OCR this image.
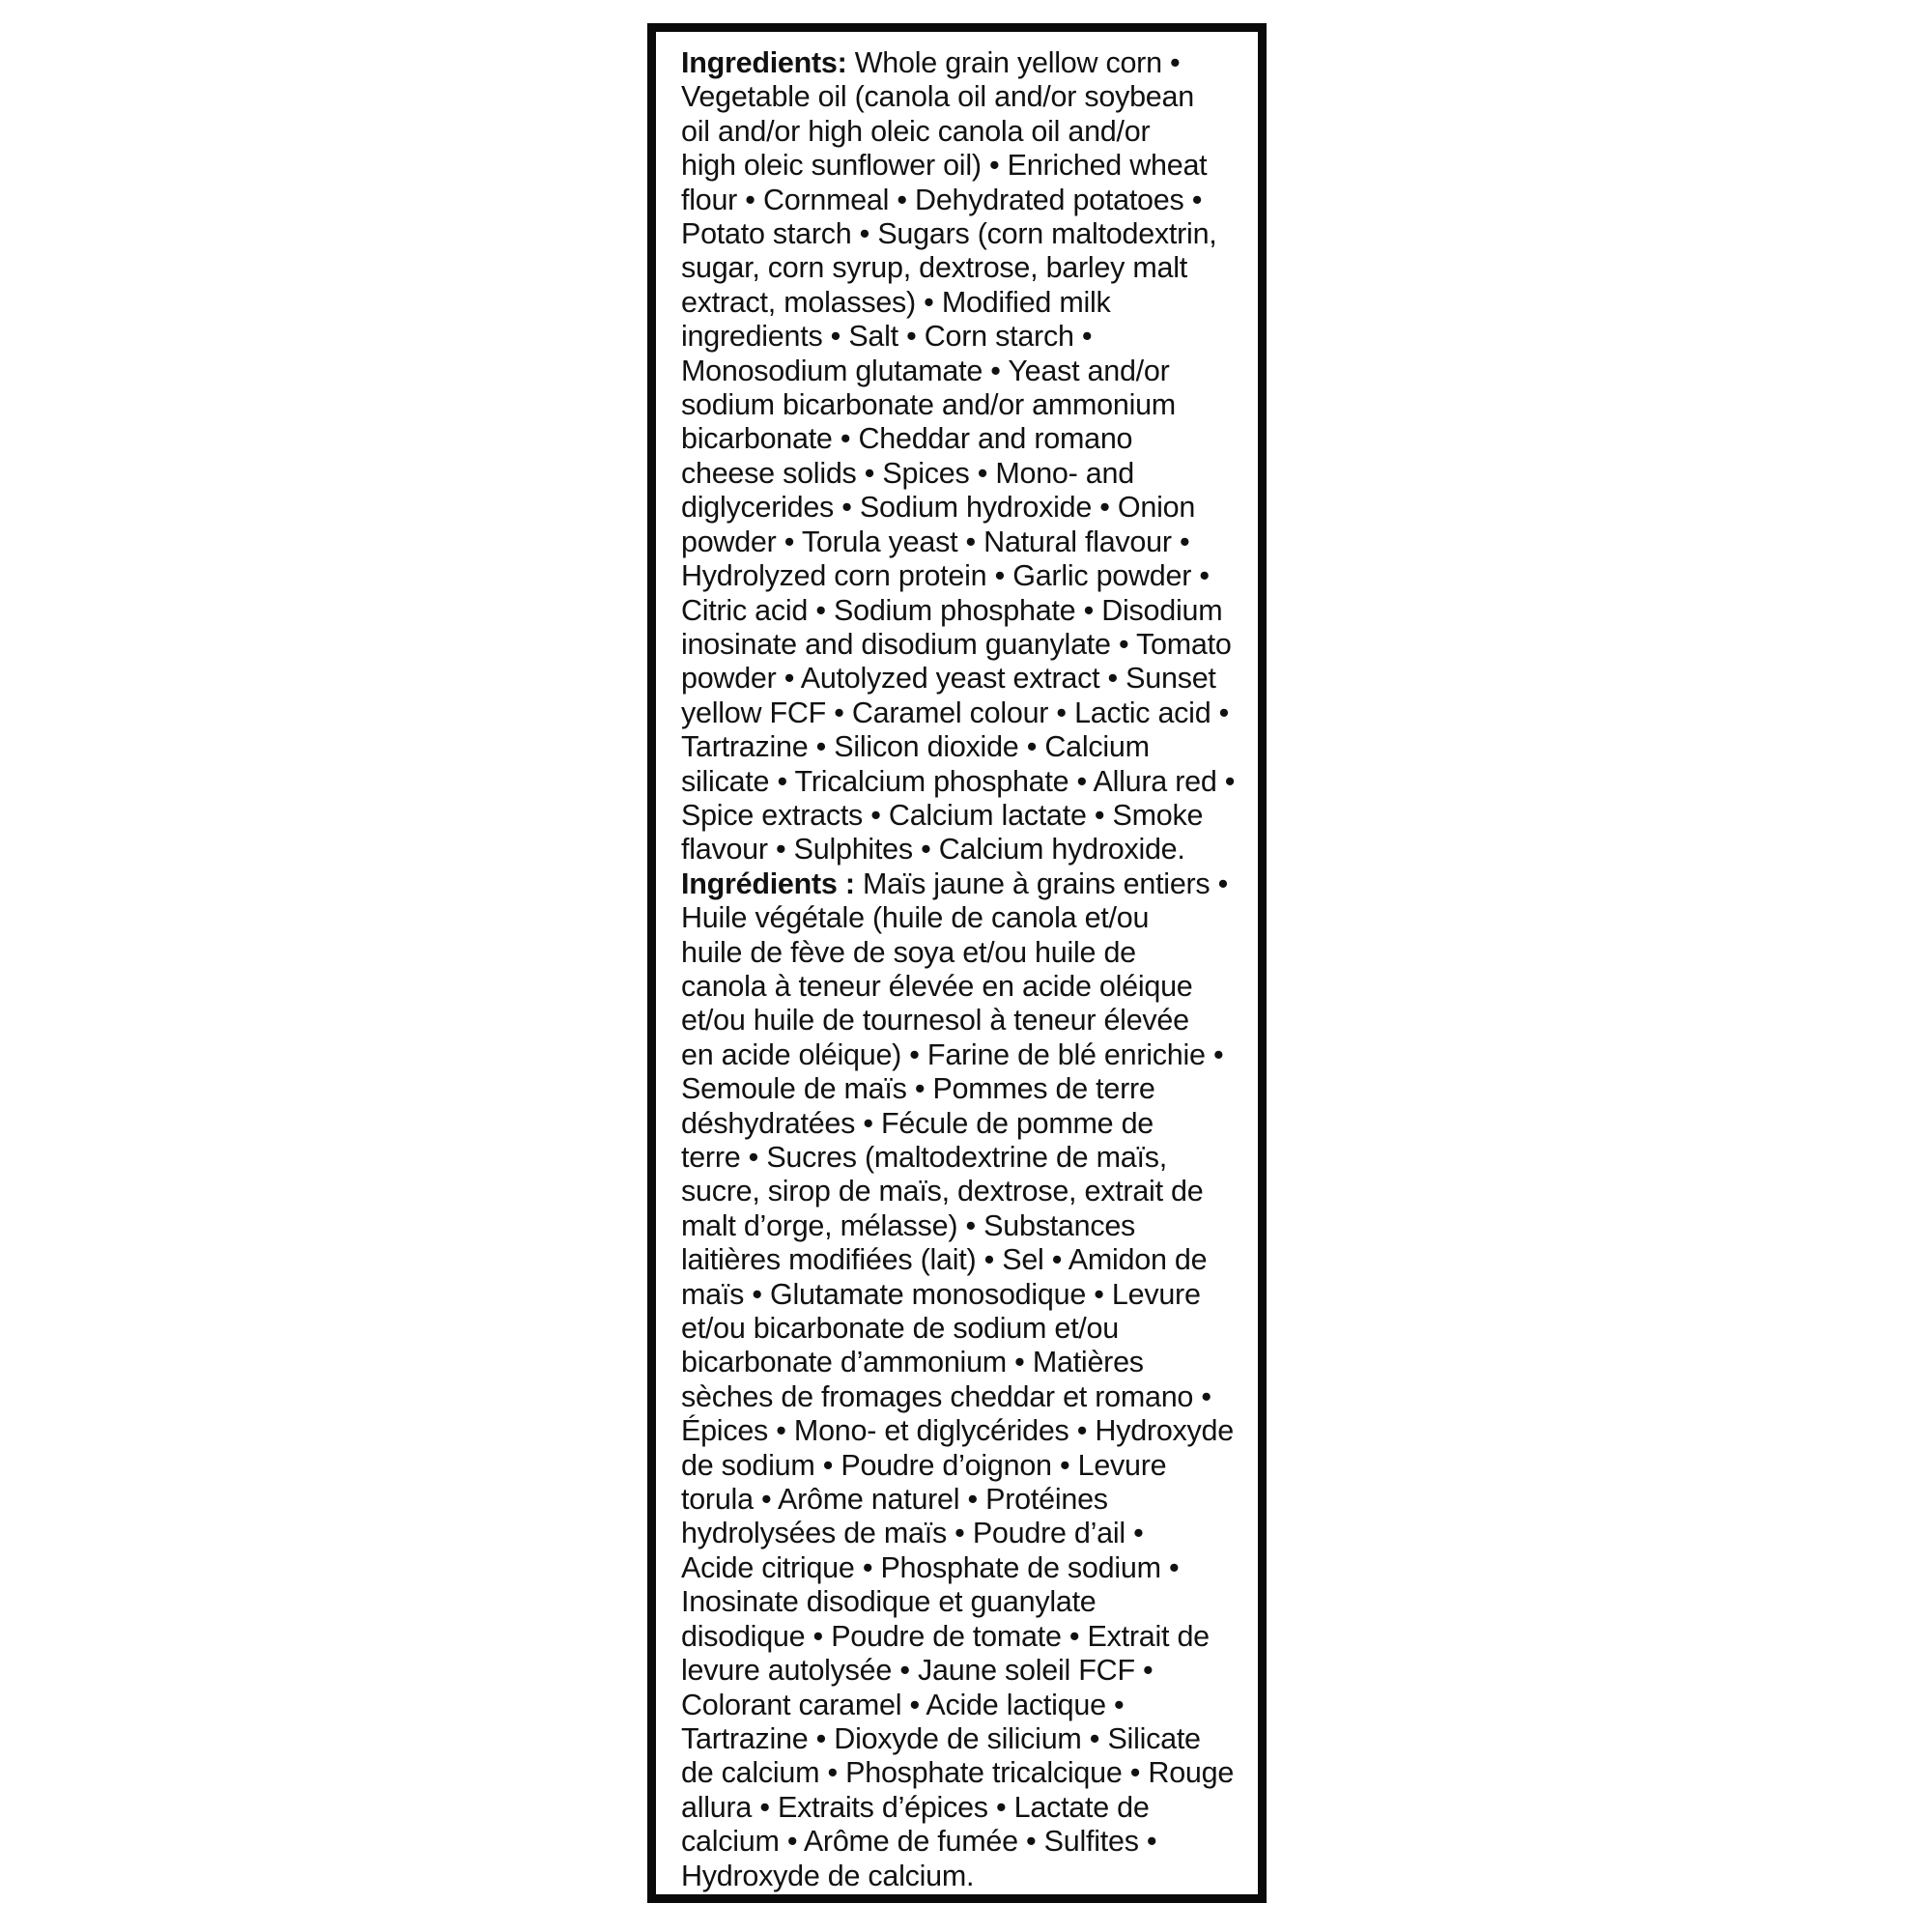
Ingredients: Whole grain yellow corn •
Vegetable oil (canola oil and/or soybean
oil and/or high oleic canola oil and/or
high oleic sunflower oil) • Enriched wheat
flour • Cornmeal • Dehydrated potatoes •
Potato starch • Sugars (corn maltodextrin,
sugar, corn syrup, dextrose, barley malt
extract, molasses) • Modified milk
ingredients • Salt • Corn starch •
Monosodium glutamate • Yeast and/or
sodium bicarbonate and/or ammonium
bicarbonate • Cheddar and romano
cheese solids • Spices • Mono- and
diglycerides • Sodium hydroxide • Onion
powder • Torula yeast • Natural flavour •
Hydrolyzed corn protein • Garlic powder •
Citric acid • Sodium phosphate • Disodium
inosinate and disodium guanylate • Tomato
powder • Autolyzed yeast extract • Sunset
yellow FCF • Caramel colour • Lactic acid •
Tartrazine • Silicon dioxide • Calcium
silicate • Tricalcium phosphate • Allura red •
Spice extracts • Calcium lactate • Smoke
flavour • Sulphites • Calcium hydroxide.
Ingrédients : Maïs jaune à grains entiers •
Huile végétale (huile de canola et/ou
huile de fève de soya et/ou huile de
canola à teneur élevée en acide oléique
et/ou huile de tournesol à teneur élevée
en acide oléique) • Farine de blé enrichie •
Semoule de maïs • Pommes de terre
déshydratées • Fécule de pomme de
terre • Sucres (maltodextrine de maïs,
sucre, sirop de maïs, dextrose, extrait de
malt d’orge, mélasse) • Substances
laitières modifiées (lait) • Sel • Amidon de
maïs • Glutamate monosodique • Levure
et/ou bicarbonate de sodium et/ou
bicarbonate d’ammonium • Matières
sèches de fromages cheddar et romano •
Épices • Mono- et diglycérides • Hydroxyde
de sodium • Poudre d’oignon • Levure
torula • Arôme naturel • Protéines
hydrolysées de maïs • Poudre d’ail •
Acide citrique • Phosphate de sodium •
Inosinate disodique et guanylate
disodique • Poudre de tomate • Extrait de
levure autolysée • Jaune soleil FCF •
Colorant caramel • Acide lactique •
Tartrazine • Dioxyde de silicium • Silicate
de calcium • Phosphate tricalcique • Rouge
allura • Extraits d’épices • Lactate de
calcium • Arôme de fumée • Sulfites •
Hydroxyde de calcium.
